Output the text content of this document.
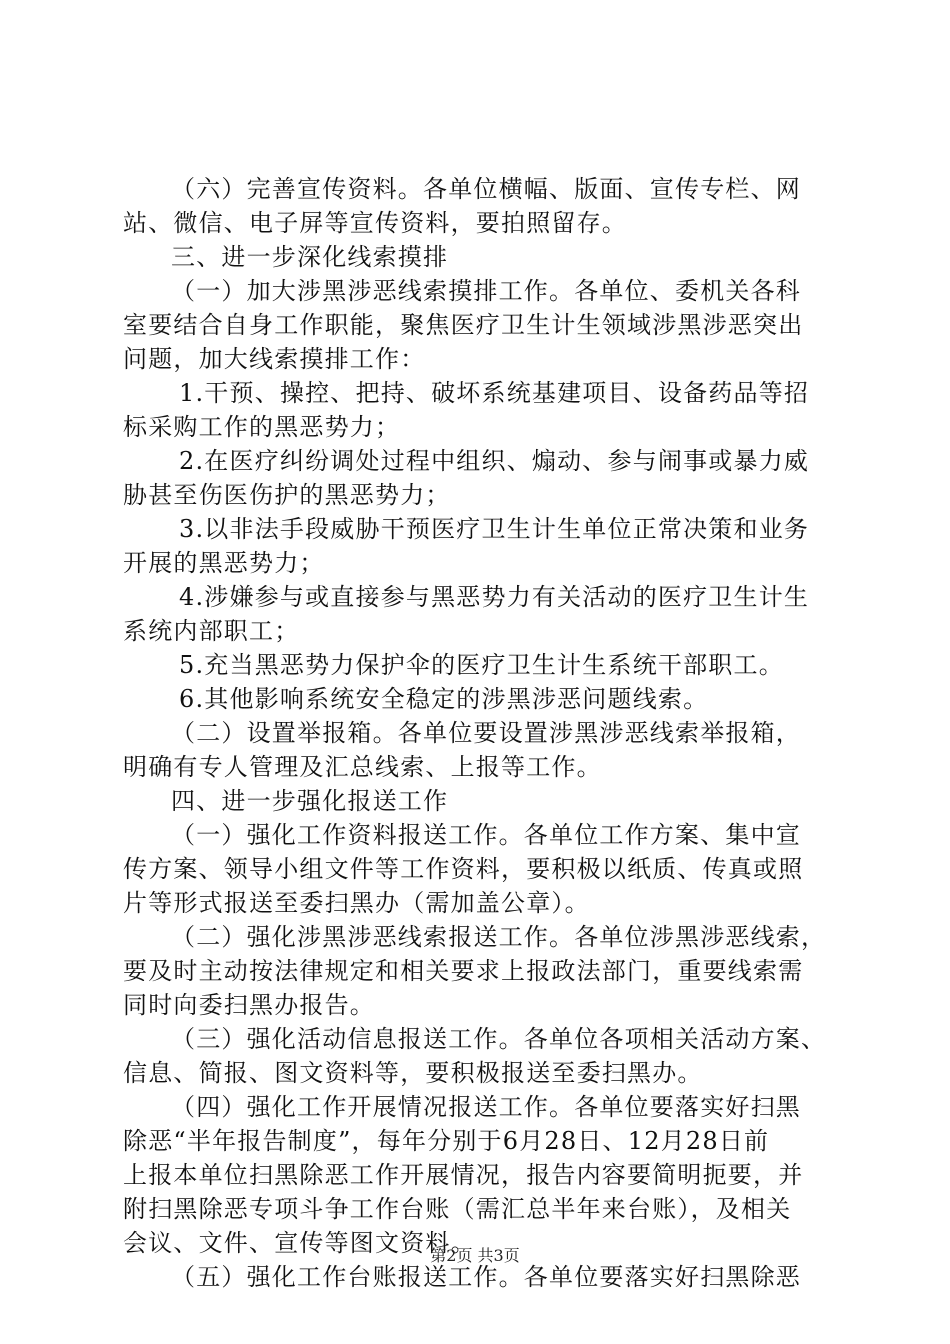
（六）完善宣传资料。各单位横幅、版面、宣传专栏、网
站、微信、电子屏等宣传资料，要拍照留存。
三、进一步深化线索摸排
（一）加大涉黑涉恶线索摸排工作。各单位、委机关各科
室要结合自身工作职能，聚焦医疗卫生计生领域涉黑涉恶突出
问题，加大线索摸排工作：
1.干预、操控、把持、破坏系统基建项目、设备药品等招
标采购工作的黑恶势力；
2.在医疗纠纷调处过程中组织、煽动、参与闹事或暴力威
胁甚至伤医伤护的黑恶势力；
3.以非法手段威胁干预医疗卫生计生单位正常决策和业务
开展的黑恶势力；
4.涉嫌参与或直接参与黑恶势力有关活动的医疗卫生计生
系统内部职工；
5.充当黑恶势力保护伞的医疗卫生计生系统干部职工。
6.其他影响系统安全稳定的涉黑涉恶问题线索。
（二）设置举报箱。各单位要设置涉黑涉恶线索举报箱，
明确有专人管理及汇总线索、上报等工作。
四、进一步强化报送工作
（一）强化工作资料报送工作。各单位工作方案、集中宣
传方案、领导小组文件等工作资料，要积极以纸质、传真或照
片等形式报送至委扫黑办（需加盖公章）。
（二）强化涉黑涉恶线索报送工作。各单位涉黑涉恶线索，
要及时主动按法律规定和相关要求上报政法部门，重要线索需
同时向委扫黑办报告。
（三）强化活动信息报送工作。各单位各项相关活动方案、
信息、简报、图文资料等，要积极报送至委扫黑办。
（四）强化工作开展情况报送工作。各单位要落实好扫黑
除恶“半年报告制度”，每年分别于6月28日、12月28日前
上报本单位扫黑除恶工作开展情况，报告内容要简明扼要，并
附扫黑除恶专项斗争工作台账（需汇总半年来台账），及相关
会议、文件、宣传等图文资料。
（五）强化工作台账报送工作。各单位要落实好扫黑除恶
第2页 共3页
